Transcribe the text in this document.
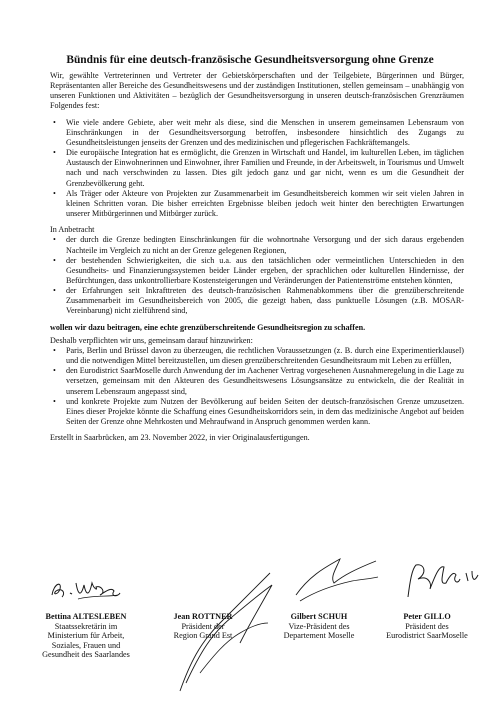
Bündnis für eine deutsch-französische Gesundheitsversorgung ohne Grenze

Wir, gewählte Vertreterinnen und Vertreter der Gebietskörperschaften und der Teilgebiete, Bürgerinnen und Bürger, Repräsentanten aller Bereiche des Gesundheitswesens und der zuständigen Institutionen, stellen gemeinsam – unabhängig von unseren Funktionen und Aktivitäten – bezüglich der Gesundheitsversorgung in unseren deutsch-französischen Grenzräumen Folgendes fest:

• Wie viele andere Gebiete, aber weit mehr als diese, sind die Menschen in unserem gemeinsamen Lebensraum von Einschränkungen in der Gesundheitsversorgung betroffen, insbesondere hinsichtlich des Zugangs zu Gesundheitsleistungen jenseits der Grenzen und des medizinischen und pflegerischen Fachkräftemangels.
• Die europäische Integration hat es ermöglicht, die Grenzen in Wirtschaft und Handel, im kulturellen Leben, im täglichen Austausch der Einwohnerinnen und Einwohner, ihrer Familien und Freunde, in der Arbeitswelt, in Tourismus und Umwelt nach und nach verschwinden zu lassen. Dies gilt jedoch ganz und gar nicht, wenn es um die Gesundheit der Grenzbevölkerung geht.
• Als Träger oder Akteure von Projekten zur Zusammenarbeit im Gesundheitsbereich kommen wir seit vielen Jahren in kleinen Schritten voran. Die bisher erreichten Ergebnisse bleiben jedoch weit hinter den berechtigten Erwartungen unserer Mitbürgerinnen und Mitbürger zurück.

In Anbetracht

• der durch die Grenze bedingten Einschränkungen für die wohnortnahe Versorgung und der sich daraus ergebenden Nachteile im Vergleich zu nicht an der Grenze gelegenen Regionen,
• der bestehenden Schwierigkeiten, die sich u.a. aus den tatsächlichen oder vermeintlichen Unterschieden in den Gesundheits- und Finanzierungssystemen beider Länder ergeben, der sprachlichen oder kulturellen Hindernisse, der Befürchtungen, dass unkontrollierbare Kostensteigerungen und Veränderungen der Patientenströme entstehen könnten,
• der Erfahrungen seit Inkrafttreten des deutsch-französischen Rahmenabkommens über die grenzüberschreitende Zusammenarbeit im Gesundheitsbereich von 2005, die gezeigt haben, dass punktuelle Lösungen (z.B. MOSAR-Vereinbarung) nicht zielführend sind,

wollen wir dazu beitragen, eine echte grenzüberschreitende Gesundheitsregion zu schaffen.

Deshalb verpflichten wir uns, gemeinsam darauf hinzuwirken:

• Paris, Berlin und Brüssel davon zu überzeugen, die rechtlichen Voraussetzungen (z. B. durch eine Experimentierklausel) und die notwendigen Mittel bereitzustellen, um diesen grenzüberschreitenden Gesundheitsraum mit Leben zu erfüllen,
• den Eurodistrict SaarMoselle durch Anwendung der im Aachener Vertrag vorgesehenen Ausnahmeregelung in die Lage zu versetzen, gemeinsam mit den Akteuren des Gesundheitswesens Lösungsansätze zu entwickeln, die der Realität in unserem Lebensraum angepasst sind,
• und konkrete Projekte zum Nutzen der Bevölkerung auf beiden Seiten der deutsch-französischen Grenze umzusetzen. Eines dieser Projekte könnte die Schaffung eines Gesundheitskorridors sein, in dem das medizinische Angebot auf beiden Seiten der Grenze ohne Mehrkosten und Mehraufwand in Anspruch genommen werden kann.

Erstellt in Saarbrücken, am 23. November 2022, in vier Originalausfertigungen.

Bettina ALTESLEBEN
Staatssekretärin im
Ministerium für Arbeit,
Soziales, Frauen und
Gesundheit des Saarlandes
Jean ROTTNER
Präsident der
Region Grand Est
Gilbert SCHUH
Vize-Präsident des
Departement Moselle
Peter GILLO
Präsident des
Eurodistrict SaarMoselle
